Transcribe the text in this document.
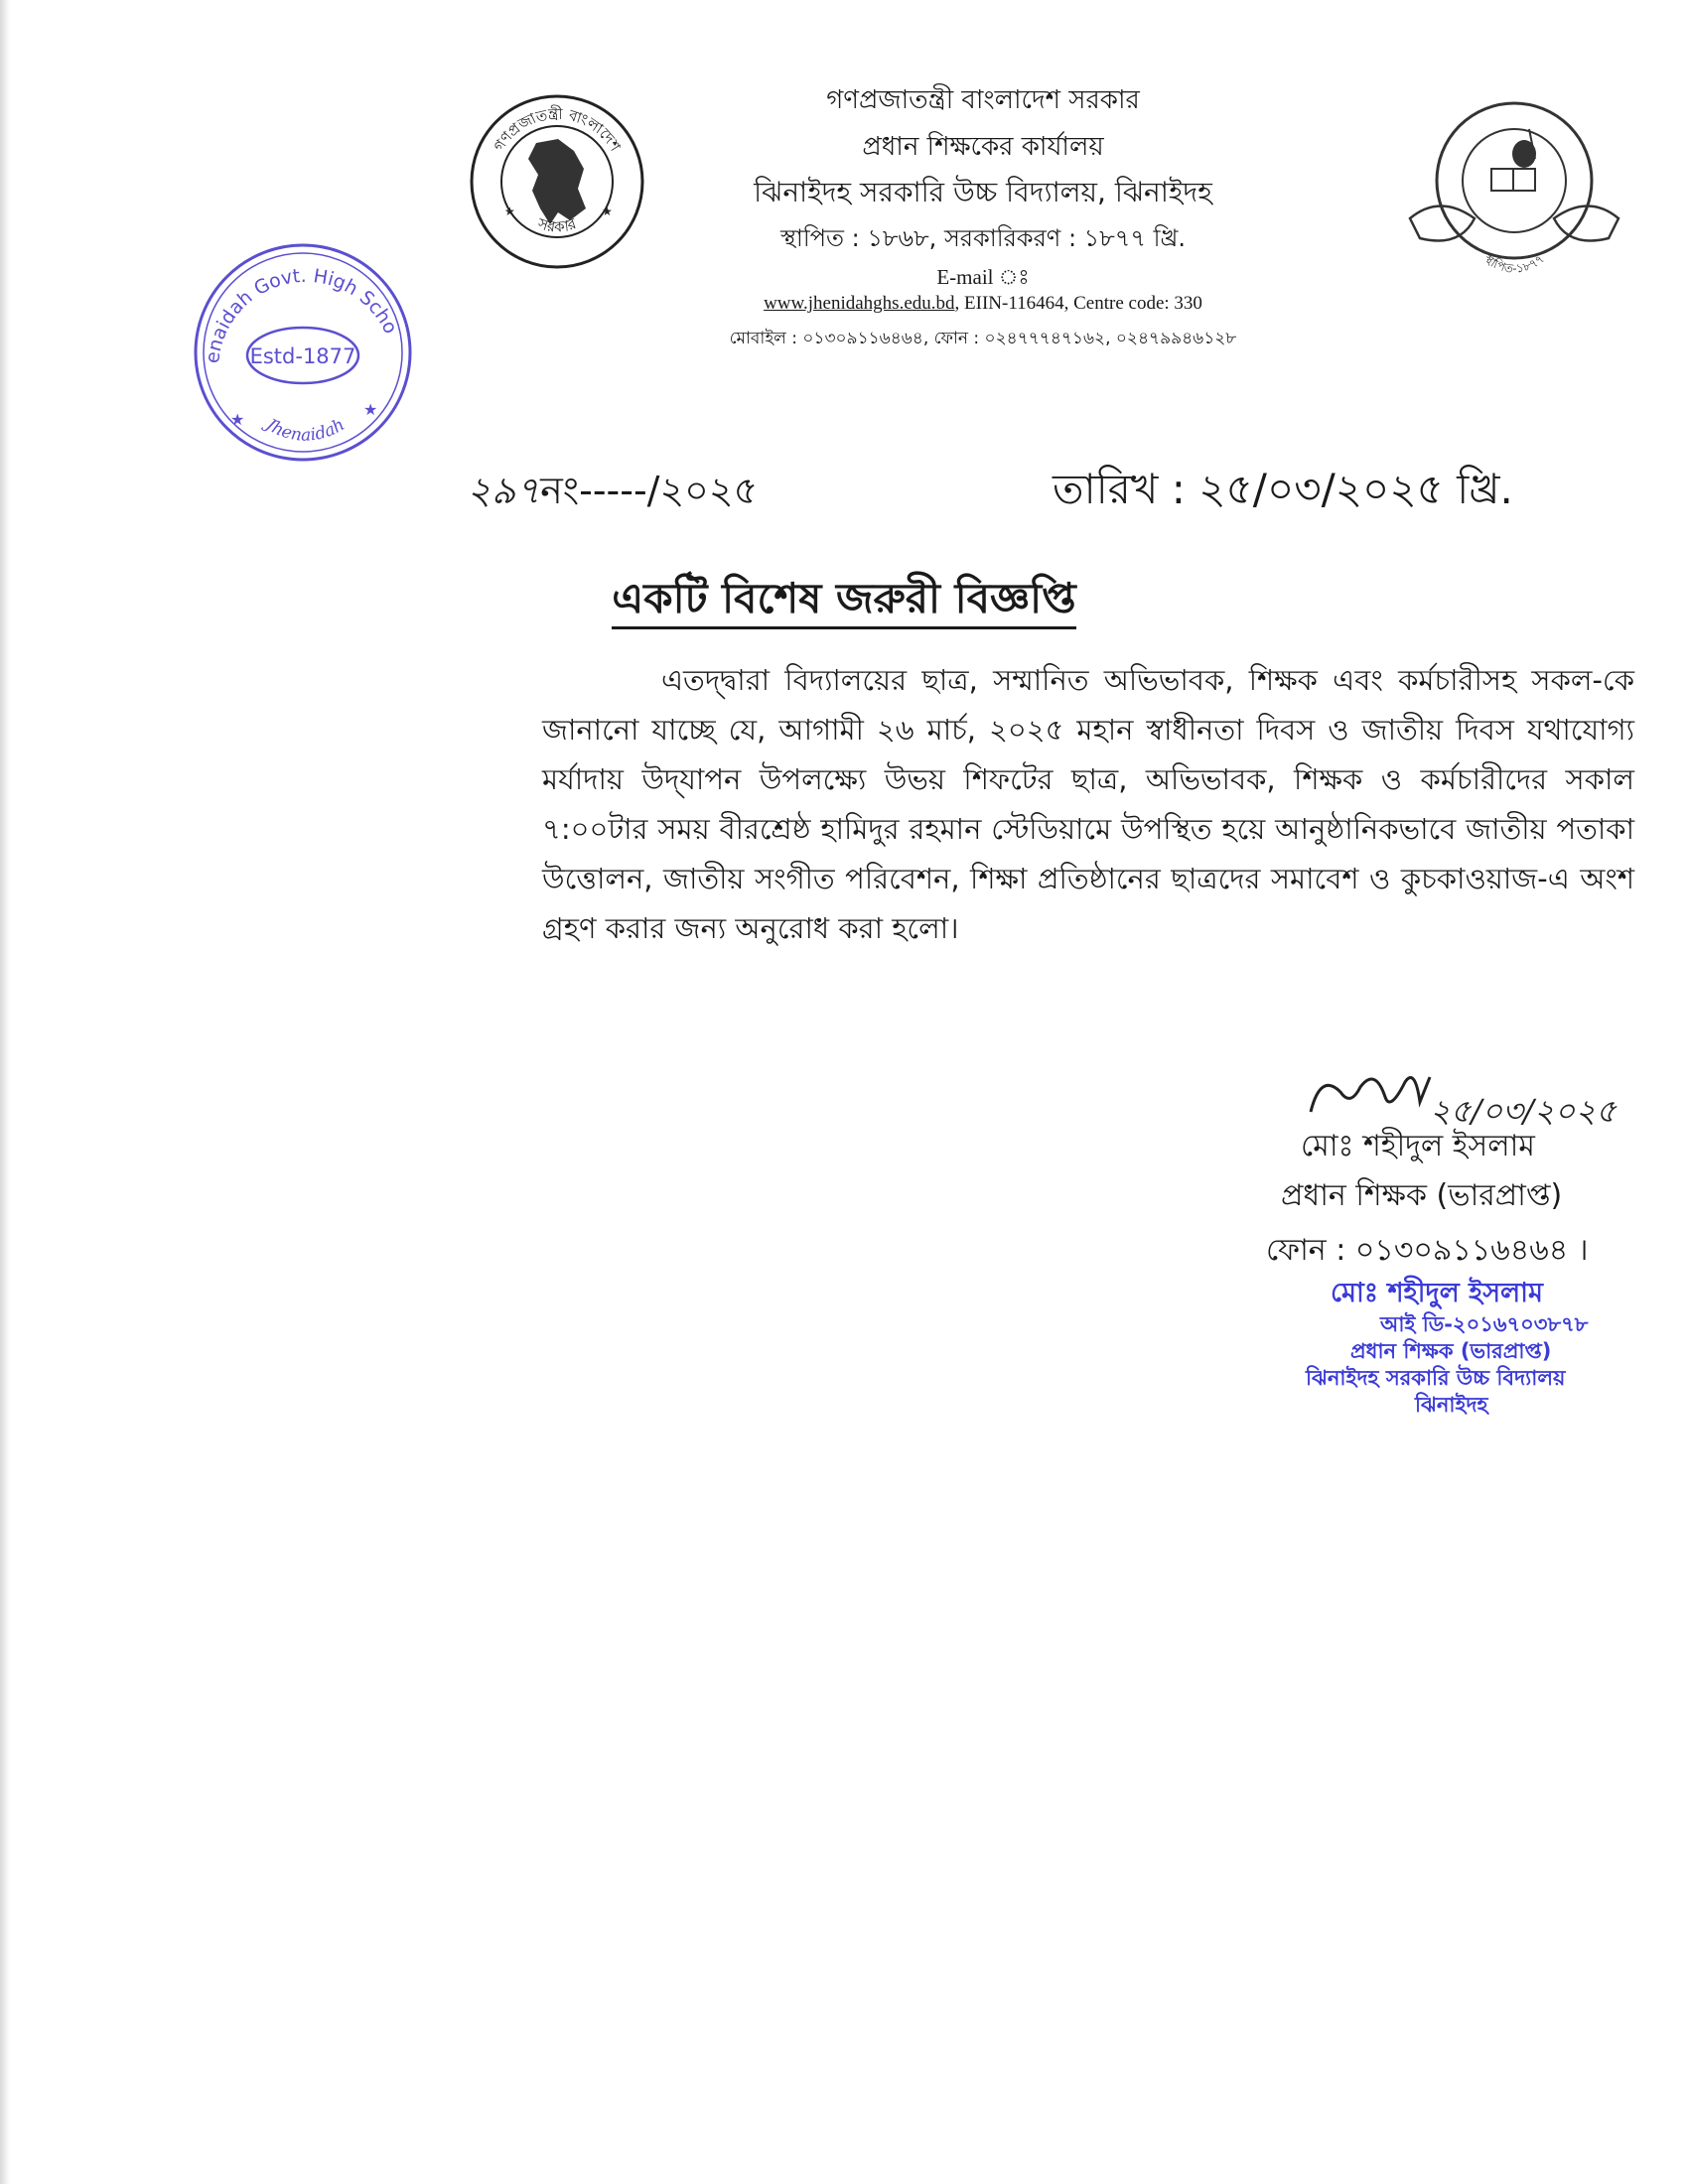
গণপ্রজাতন্ত্রী বাংলাদেশ
সরকার
★	★
স্থাপিত-১৮৭৭
enaidah Govt. High Scho
Estd-1877
Jhenaidah
★
★
গণপ্রজাতন্ত্রী বাংলাদেশ সরকার
প্রধান শিক্ষকের কার্যালয়
ঝিনাইদহ সরকারি উচ্চ বিদ্যালয়, ঝিনাইদহ
স্থাপিত : ১৮৬৮, সরকারিকরণ : ১৮৭৭ খ্রি.
E-mail ঃ
www.jhenidahghs.edu.bd, EIIN-116464, Centre code: 330
মোবাইল : ০১৩০৯১১৬৪৬৪, ফোন : ০২৪৭৭৭৪৭১৬২, ০২৪৭৯৯৪৬১২৮
২৯৭নং-----/২০২৫	তারিখ : ২৫/০৩/২০২৫ খ্রি.
একটি বিশেষ জরুরী বিজ্ঞপ্তি
এতদ্দ্বারা বিদ্যালয়ের ছাত্র, সম্মানিত অভিভাবক, শিক্ষক এবং কর্মচারীসহ সকল-কে জানানো যাচ্ছে যে, আগামী ২৬ মার্চ, ২০২৫ মহান স্বাধীনতা দিবস ও জাতীয় দিবস যথাযোগ্য মর্যাদায় উদ্‌যাপন উপলক্ষ্যে উভয় শিফটের ছাত্র, অভিভাবক, শিক্ষক ও কর্মচারীদের সকাল ৭:০০টার সময় বীরশ্রেষ্ঠ হামিদুর রহমান স্টেডিয়ামে উপস্থিত হয়ে আনুষ্ঠানিকভাবে জাতীয় পতাকা উত্তোলন, জাতীয় সংগীত পরিবেশন, শিক্ষা প্রতিষ্ঠানের ছাত্রদের সমাবেশ ও কুচকাওয়াজ-এ অংশ গ্রহণ করার জন্য অনুরোধ করা হলো।
২৫/০৩/২০২৫
মোঃ শহীদুল ইসলাম
প্রধান শিক্ষক (ভারপ্রাপ্ত)
ফোন : ০১৩০৯১১৬৪৬৪ ।
মোঃ শহীদুল ইসলাম
আই ডি-২০১৬৭০৩৮৭৮
প্রধান শিক্ষক (ভারপ্রাপ্ত)
ঝিনাইদহ সরকারি উচ্চ বিদ্যালয়
ঝিনাইদহ
